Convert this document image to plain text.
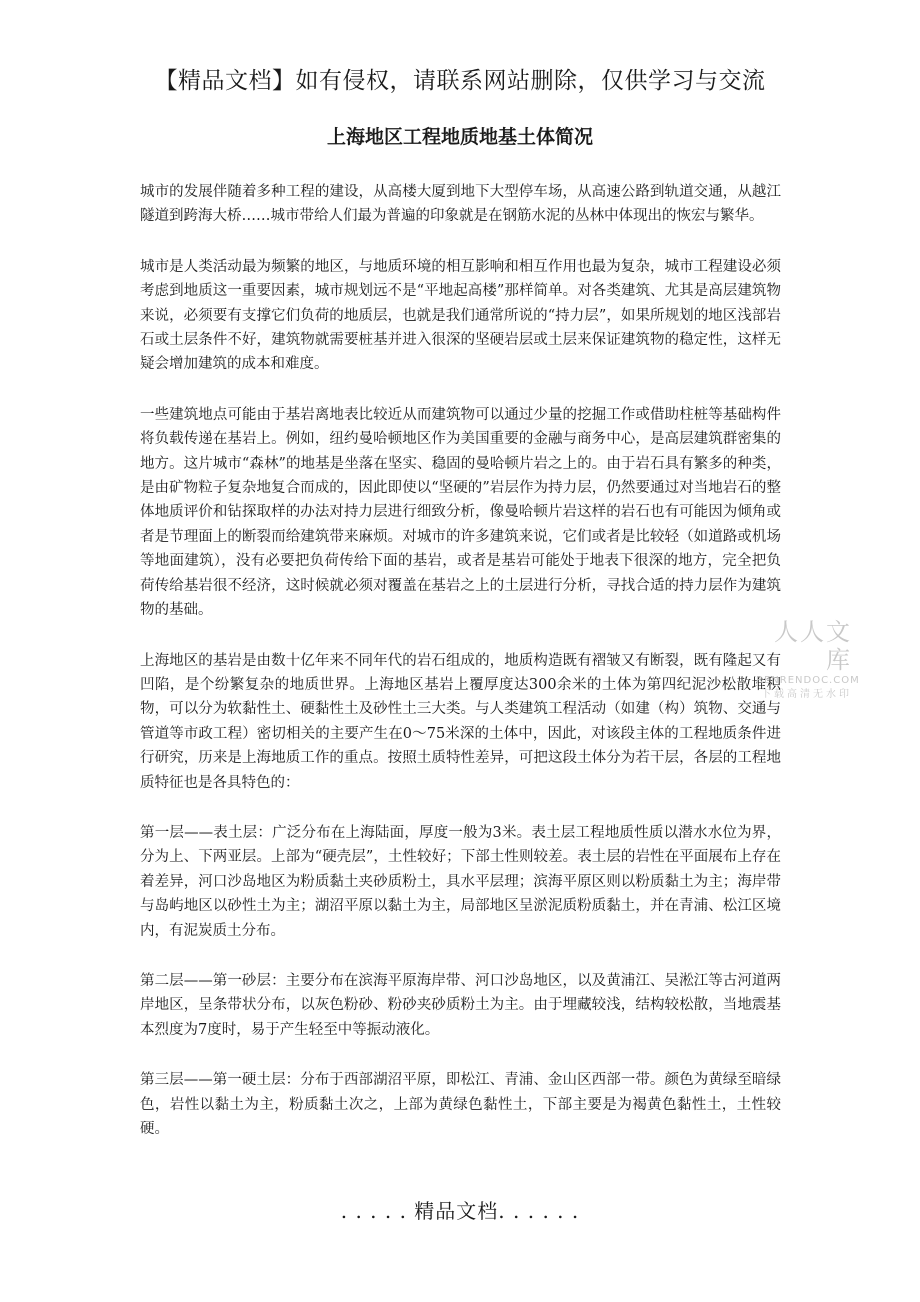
【精品文档】如有侵权，请联系网站删除，仅供学习与交流
上海地区工程地质地基土体简况

城市的发展伴随着多种工程的建设，从高楼大厦到地下大型停车场，从高速公路到轨道交通，从越江隧道到跨海大桥……城市带给人们最为普遍的印象就是在钢筋水泥的丛林中体现出的恢宏与繁华。

城市是人类活动最为频繁的地区，与地质环境的相互影响和相互作用也最为复杂，城市工程建设必须考虑到地质这一重要因素，城市规划远不是“平地起高楼”那样简单。对各类建筑、尤其是高层建筑物来说，必须要有支撑它们负荷的地质层，也就是我们通常所说的“持力层”，如果所规划的地区浅部岩石或土层条件不好，建筑物就需要桩基并进入很深的坚硬岩层或土层来保证建筑物的稳定性，这样无疑会增加建筑的成本和难度。

一些建筑地点可能由于基岩离地表比较近从而建筑物可以通过少量的挖掘工作或借助柱桩等基础构件将负载传递在基岩上。例如，纽约曼哈顿地区作为美国重要的金融与商务中心，是高层建筑群密集的地方。这片城市“森林”的地基是坐落在坚实、稳固的曼哈顿片岩之上的。由于岩石具有繁多的种类，是由矿物粒子复杂地复合而成的，因此即使以“坚硬的”岩层作为持力层，仍然要通过对当地岩石的整体地质评价和钻探取样的办法对持力层进行细致分析，像曼哈顿片岩这样的岩石也有可能因为倾角或者是节理面上的断裂而给建筑带来麻烦。对城市的许多建筑来说，它们或者是比较轻（如道路或机场等地面建筑），没有必要把负荷传给下面的基岩，或者是基岩可能处于地表下很深的地方，完全把负荷传给基岩很不经济，这时候就必须对覆盖在基岩之上的土层进行分析，寻找合适的持力层作为建筑物的基础。

上海地区的基岩是由数十亿年来不同年代的岩石组成的，地质构造既有褶皱又有断裂，既有隆起又有凹陷，是个纷繁复杂的地质世界。上海地区基岩上覆厚度达300余米的土体为第四纪泥沙松散堆积物，可以分为软黏性土、硬黏性土及砂性土三大类。与人类建筑工程活动（如建（构）筑物、交通与管道等市政工程）密切相关的主要产生在0～75米深的土体中，因此，对该段主体的工程地质条件进行研究，历来是上海地质工作的重点。按照土质特性差异，可把这段土体分为若干层，各层的工程地质特征也是各具特色的：

第一层——表土层：广泛分布在上海陆面，厚度一般为3米。表土层工程地质性质以潜水水位为界，分为上、下两亚层。上部为“硬壳层”，土性较好；下部土性则较差。表土层的岩性在平面展布上存在着差异，河口沙岛地区为粉质黏土夹砂质粉土，具水平层理；滨海平原区则以粉质黏土为主；海岸带与岛屿地区以砂性土为主；湖沼平原以黏土为主，局部地区呈淤泥质粉质黏土，并在青浦、松江区境内，有泥炭质土分布。

第二层——第一砂层：主要分布在滨海平原海岸带、河口沙岛地区，以及黄浦江、吴淞江等古河道两岸地区，呈条带状分布，以灰色粉砂、粉砂夹砂质粉土为主。由于埋藏较浅，结构较松散，当地震基本烈度为7度时，易于产生轻至中等振动液化。

第三层——第一硬土层：分布于西部湖沼平原，即松江、青浦、金山区西部一带。颜色为黄绿至暗绿色，岩性以黏土为主，粉质黏土次之，上部为黄绿色黏性土，下部主要是为褐黄色黏性土，土性较硬。

人人文库
RENRENDOC.COM
下载高清无水印
. . . . . 精品文档. . . . . .
